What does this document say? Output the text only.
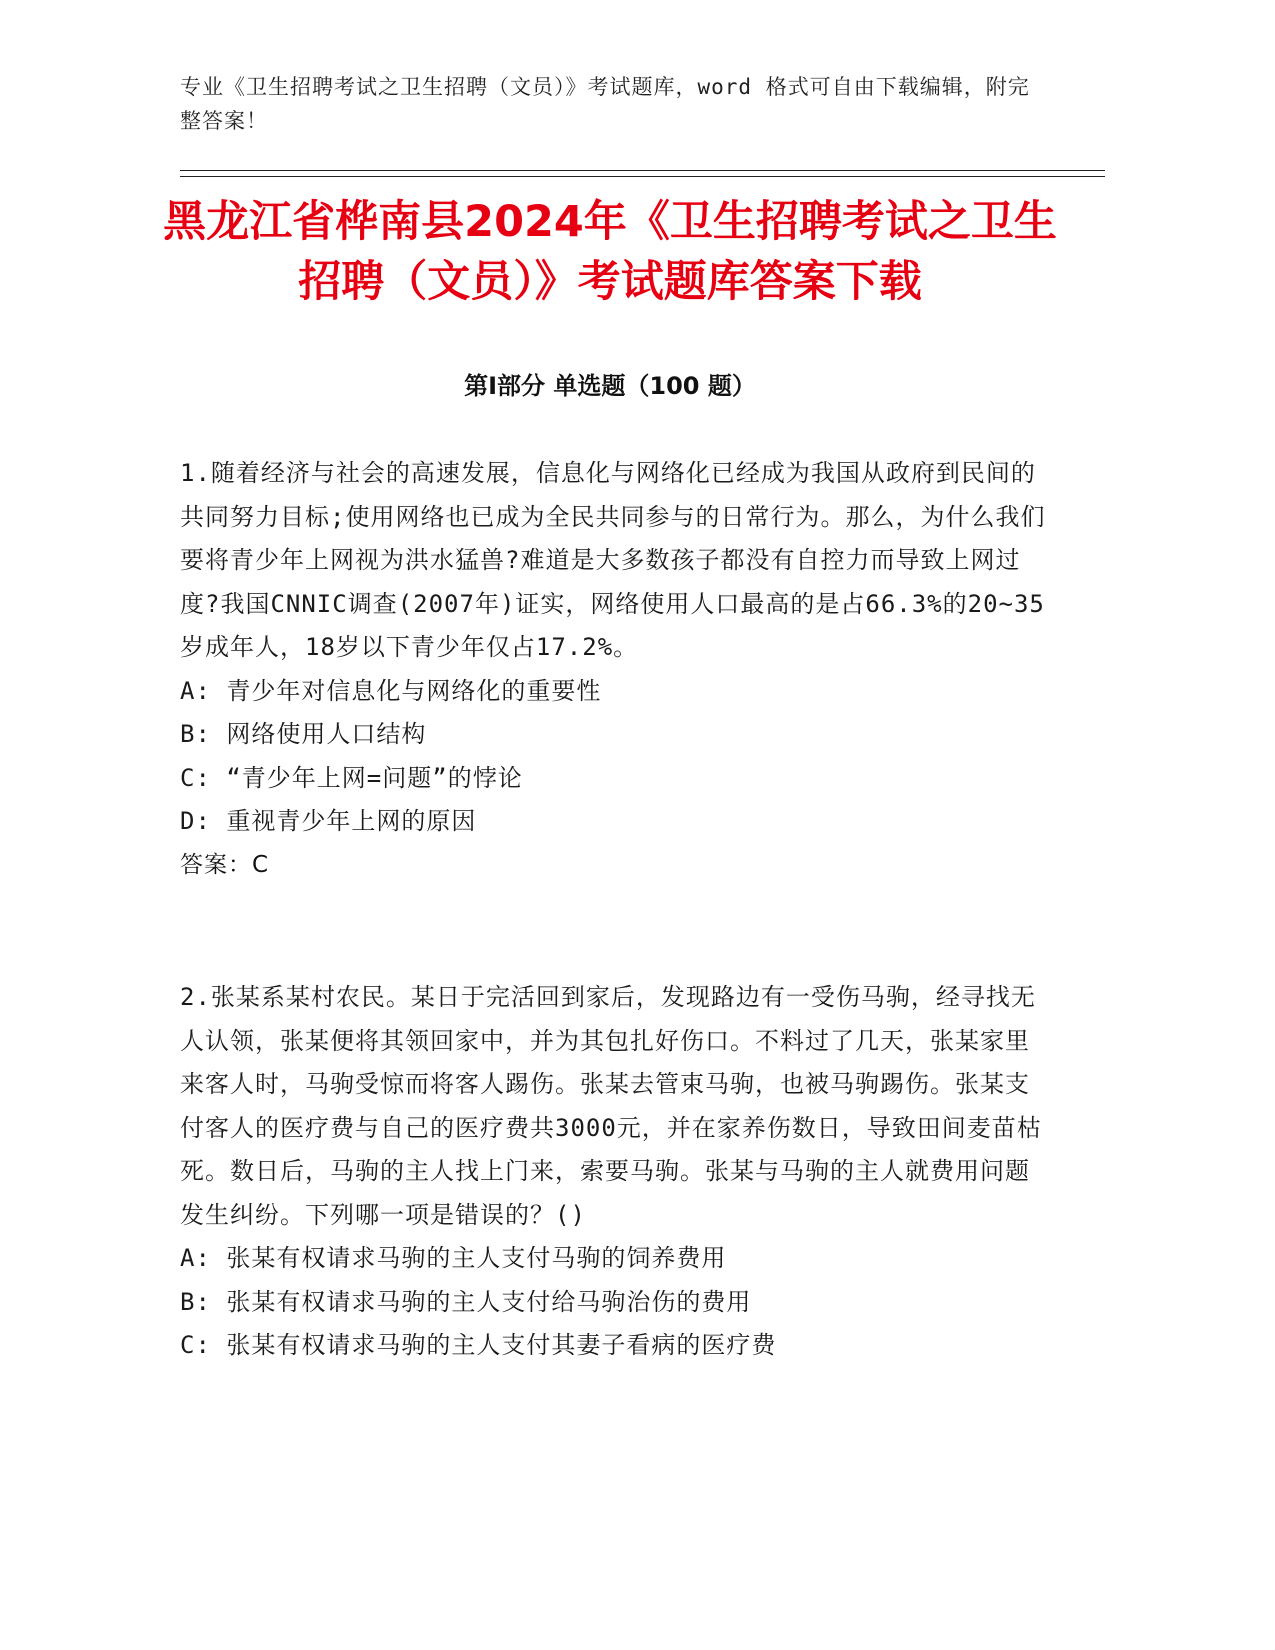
专业《卫生招聘考试之卫生招聘（文员）》考试题库，word 格式可自由下载编辑，附完整答案！
黑龙江省桦南县2024年《卫生招聘考试之卫生招聘（文员）》考试题库答案下载
第Ⅰ部分 单选题（100 题）
1.随着经济与社会的高速发展，信息化与网络化已经成为我国从政府到民间的共同努力目标;使用网络也已成为全民共同参与的日常行为。那么，为什么我们要将青少年上网视为洪水猛兽?难道是大多数孩子都没有自控力而导致上网过度?我国CNNIC调查(2007年)证实，网络使用人口最高的是占66.3%的20~35岁成年人，18岁以下青少年仅占17.2%。
A: 青少年对信息化与网络化的重要性
B: 网络使用人口结构
C: “青少年上网=问题”的悖论
D: 重视青少年上网的原因
答案：C
2.张某系某村农民。某日于完活回到家后，发现路边有一受伤马驹，经寻找无人认领，张某便将其领回家中，并为其包扎好伤口。不料过了几天，张某家里来客人时，马驹受惊而将客人踢伤。张某去管束马驹，也被马驹踢伤。张某支付客人的医疗费与自己的医疗费共3000元，并在家养伤数日，导致田间麦苗枯死。数日后，马驹的主人找上门来，索要马驹。张某与马驹的主人就费用问题发生纠纷。下列哪一项是错误的？()
A: 张某有权请求马驹的主人支付马驹的饲养费用
B: 张某有权请求马驹的主人支付给马驹治伤的费用
C: 张某有权请求马驹的主人支付其妻子看病的医疗费
